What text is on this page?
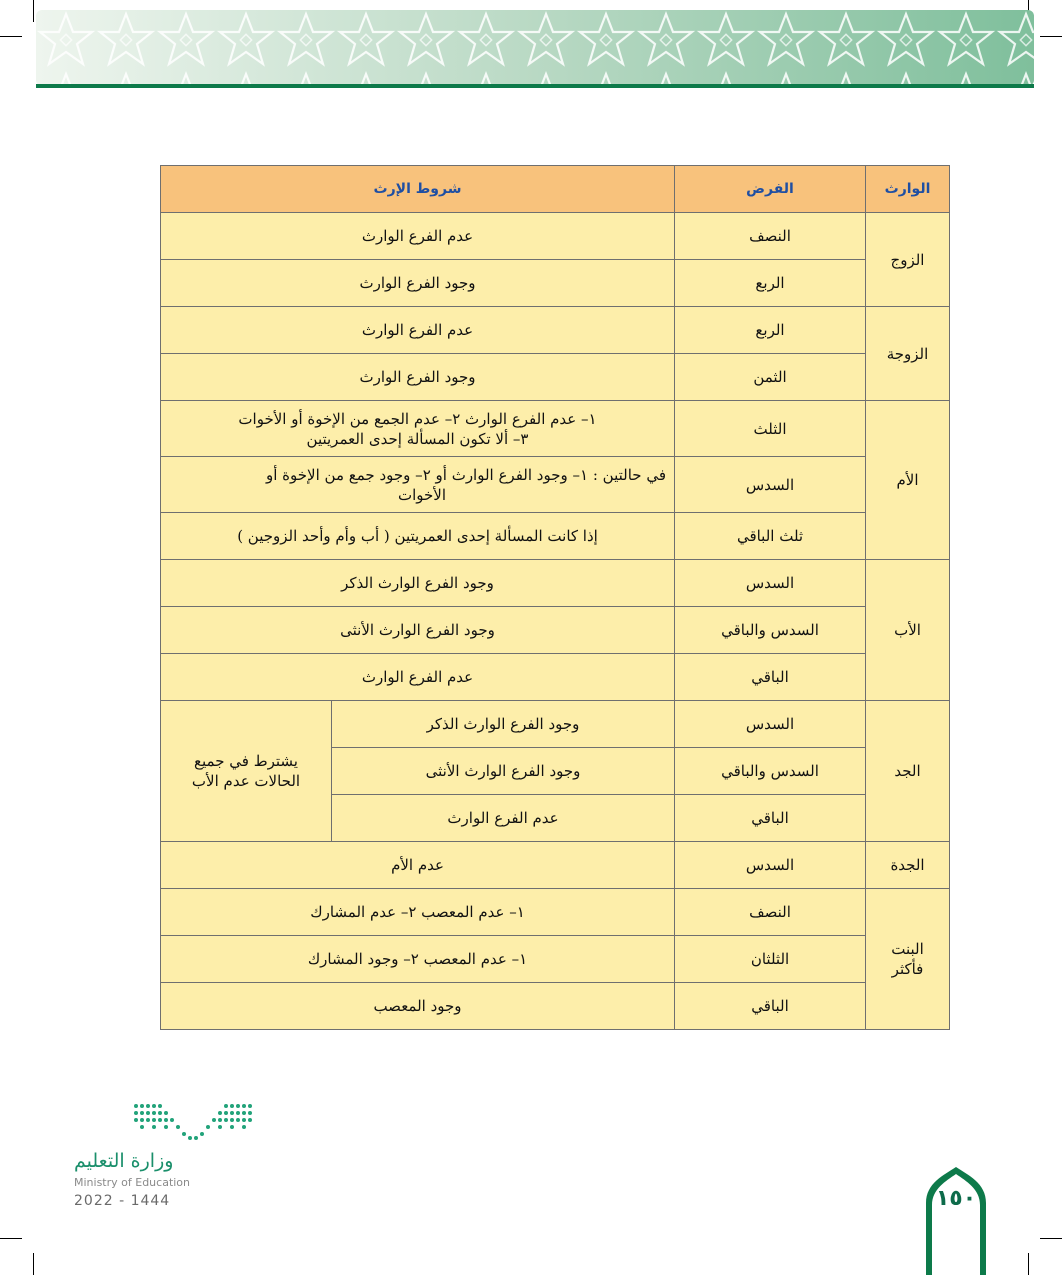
الوارث	الفرض	شروط الإرث	
الزوج	النصف	عدم الفرع الوارث	
	الربع	وجود الفرع الوارث	
الزوجة	الربع	عدم الفرع الوارث	
	الثمن	وجود الفرع الوارث	
الأم	الثلث	١– عدم الفرع الوارث ٢– عدم الجمع من الإخوة أو الأخوات
٣– ألا تكون المسألة إحدى العمريتين	

	السدس	في حالتين : ١– وجود الفرع الوارث أو ٢– وجود جمع من الإخوة أو
الأخوات	

	ثلث الباقي	إذا كانت المسألة إحدى العمريتين ( أب وأم وأحد الزوجين )	
الأب	السدس	وجود الفرع الوارث الذكر	
	السدس والباقي	وجود الفرع الوارث الأنثى	
	الباقي	عدم الفرع الوارث	
الجد	السدس	وجود الفرع الوارث الذكر	يشترط في جميع
الحالات عدم الأب

	السدس والباقي	وجود الفرع الوارث الأنثى	
	الباقي	عدم الفرع الوارث	
الجدة	السدس	عدم الأم	

البنت
فأكثر	النصف	١– عدم المعصب ٢– عدم المشارك	
	الثلثان	١– عدم المعصب ٢– وجود المشارك	
	الباقي	وجود المعصب	
وزارة التعليم
Ministry of Education
2022 - 1444	١٥٠
